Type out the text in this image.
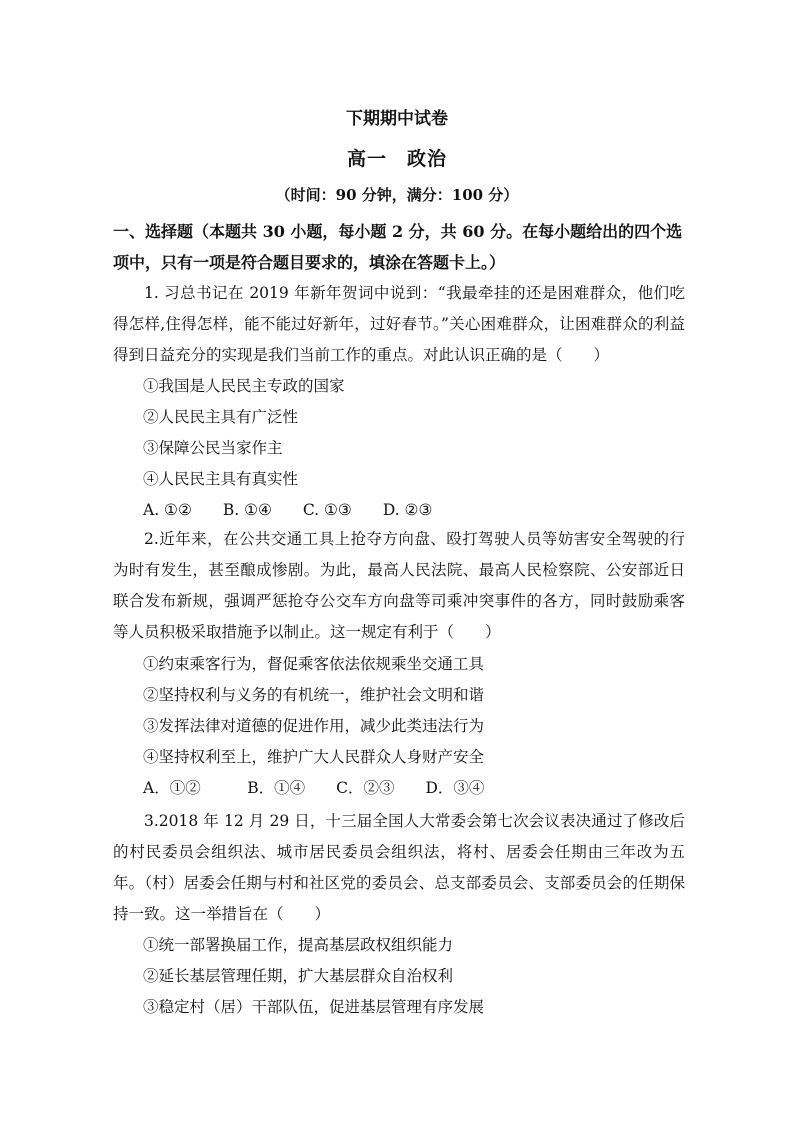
下期期中试卷
高一　政治
（时间：90 分钟，满分：100 分）
一、选择题（本题共 30 小题，每小题 2 分，共 60 分。在每小题给出的四个选项中，只有一项是符合题目要求的，填涂在答题卡上。）
1. 习总书记在 2019 年新年贺词中说到：“我最牵挂的还是困难群众，他们吃得怎样,住得怎样，能不能过好新年，过好春节。”关心困难群众，让困难群众的利益得到日益充分的实现是我们当前工作的重点。对此认识正确的是（　　）
①我国是人民民主专政的国家
②人民民主具有广泛性
③保障公民当家作主
④人民民主具有真实性
A. ①②　　B. ①④　　C. ①③　　D. ②③
2.近年来，在公共交通工具上抢夺方向盘、殴打驾驶人员等妨害安全驾驶的行为时有发生，甚至酿成惨剧。为此，最高人民法院、最高人民检察院、公安部近日联合发布新规，强调严惩抢夺公交车方向盘等司乘冲突事件的各方，同时鼓励乘客等人员积极采取措施予以制止。这一规定有利于（　　）
①约束乘客行为，督促乘客依法依规乘坐交通工具
②坚持权利与义务的有机统一，维护社会文明和谐
③发挥法律对道德的促进作用，减少此类违法行为
④坚持权利至上，维护广大人民群众人身财产安全
A．①②　　　B．①④　　C．②③　　D．③④
3.2018 年 12 月 29 日，十三届全国人大常委会第七次会议表决通过了修改后的村民委员会组织法、城市居民委员会组织法，将村、居委会任期由三年改为五年。（村）居委会任期与村和社区党的委员会、总支部委员会、支部委员会的任期保持一致。这一举措旨在（　　）
①统一部署换届工作，提高基层政权组织能力
②延长基层管理任期，扩大基层群众自治权利
③稳定村（居）干部队伍，促进基层管理有序发展
